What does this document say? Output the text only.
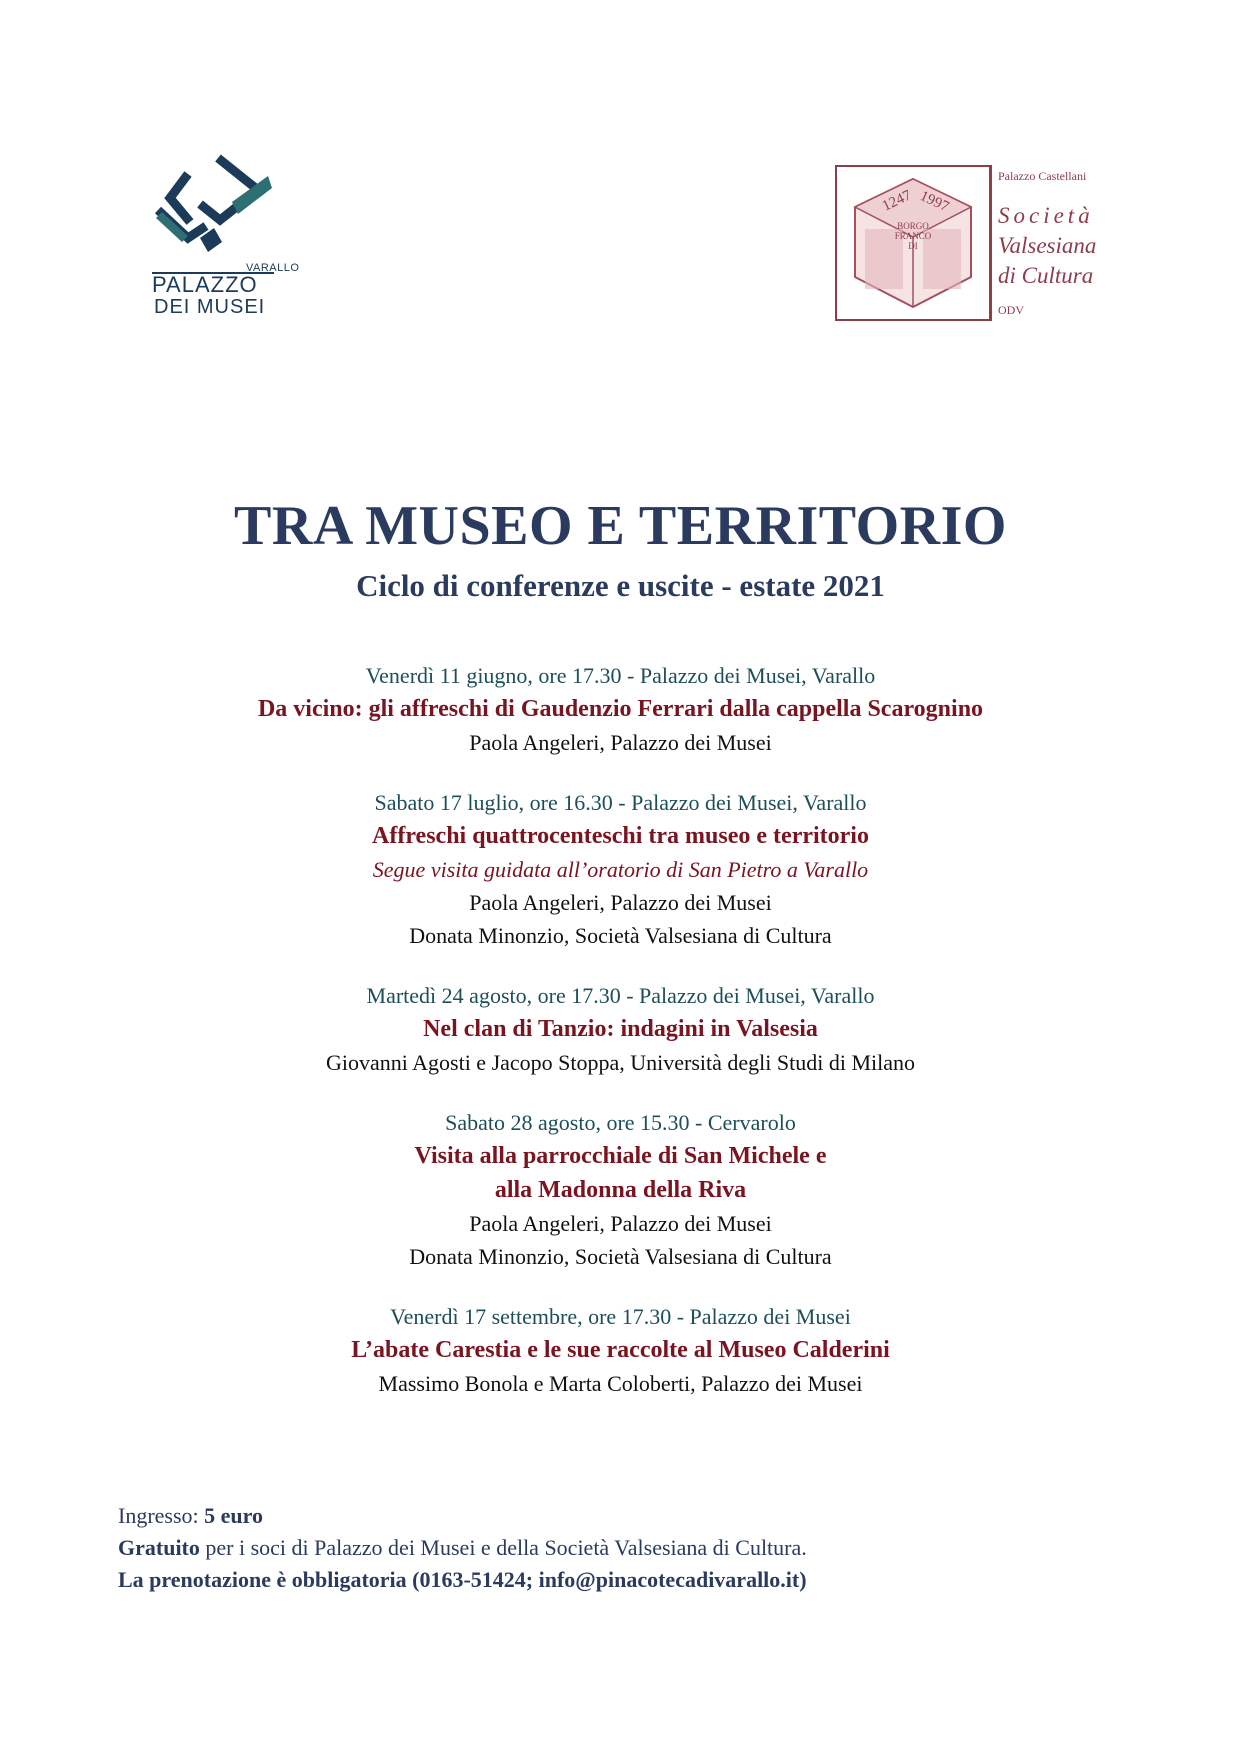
VARALLO
PALAZZO
DEI MUSEI
1247 1997
BORGO
FRANCO
DI
Palazzo Castellani
Società
Valsesiana
di Cultura
ODV
TRA MUSEO E TERRITORIO
Ciclo di conferenze e uscite - estate 2021
Venerdì 11 giugno, ore 17.30 - Palazzo dei Musei, Varallo
Da vicino: gli affreschi di Gaudenzio Ferrari dalla cappella Scarognino
Paola Angeleri, Palazzo dei Musei
Sabato 17 luglio, ore 16.30 - Palazzo dei Musei, Varallo
Affreschi quattrocenteschi tra museo e territorio
Segue visita guidata all’oratorio di San Pietro a Varallo
Paola Angeleri, Palazzo dei Musei
Donata Minonzio, Società Valsesiana di Cultura
Martedì 24 agosto, ore 17.30 - Palazzo dei Musei, Varallo
Nel clan di Tanzio: indagini in Valsesia
Giovanni Agosti e Jacopo Stoppa, Università degli Studi di Milano
Sabato 28 agosto, ore 15.30 - Cervarolo
Visita alla parrocchiale di San Michele e
alla Madonna della Riva
Paola Angeleri, Palazzo dei Musei
Donata Minonzio, Società Valsesiana di Cultura
Venerdì 17 settembre, ore 17.30 - Palazzo dei Musei
L’abate Carestia e le sue raccolte al Museo Calderini
Massimo Bonola e Marta Coloberti, Palazzo dei Musei
Ingresso: 5 euro
Gratuito per i soci di Palazzo dei Musei e della Società Valsesiana di Cultura.
La prenotazione è obbligatoria (0163-51424; info@pinacotecadivarallo.it)
